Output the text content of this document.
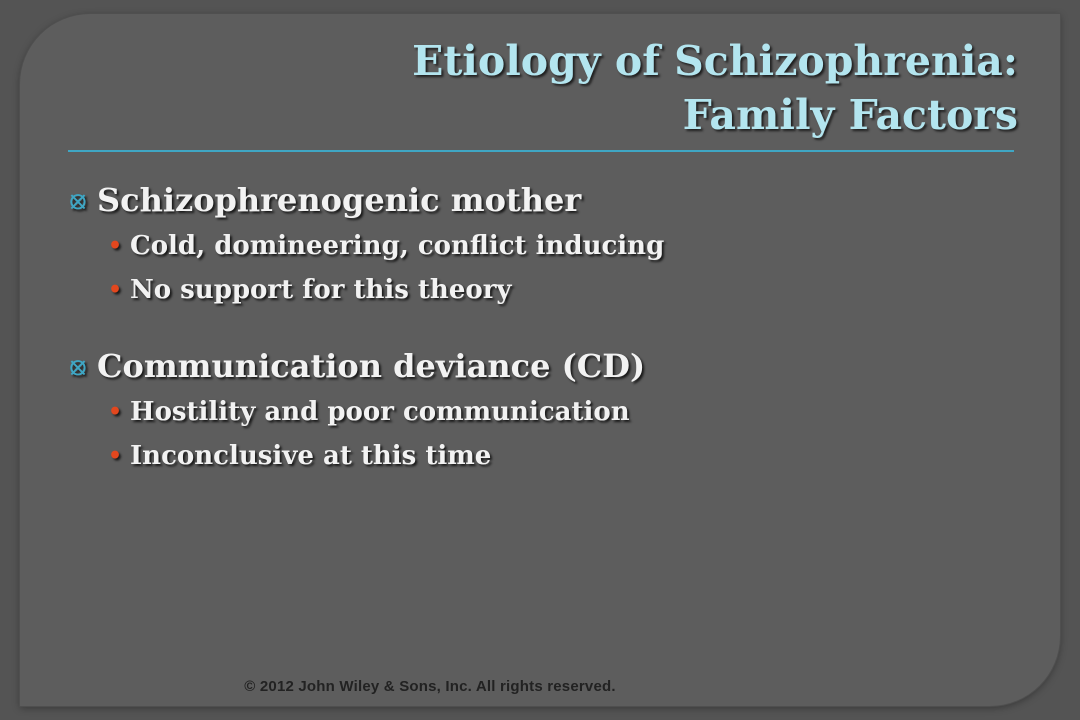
Etiology of Schizophrenia:
Family Factors
⦻ Schizophrenogenic mother
• Cold, domineering, conflict inducing
• No support for this theory
⦻ Communication deviance (CD)
• Hostility and poor communication
• Inconclusive at this time
© 2012 John Wiley & Sons, Inc. All rights reserved.
